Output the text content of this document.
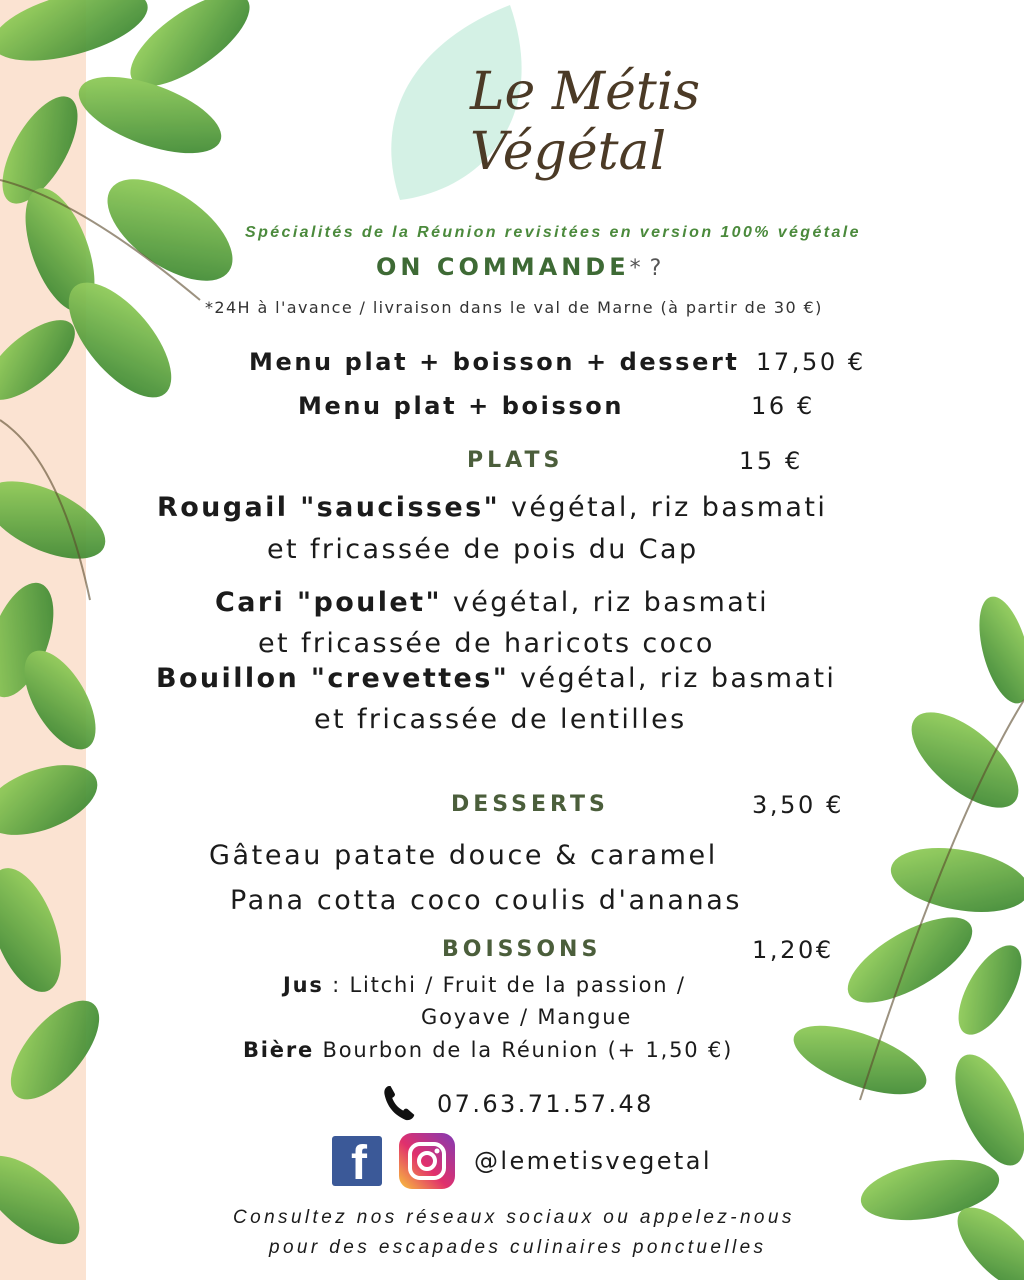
Le Métis
Végétal
Spécialités de la Réunion revisitées en version 100% végétale
ON COMMANDE* ?
*24H à l'avance / livraison dans le val de Marne (à partir de 30 €)
Menu plat + boisson + dessert 17,50 €
Menu plat + boisson	16 €
PLATS	15 €
Rougail "saucisses" végétal, riz basmati
et fricassée de pois du Cap
Cari "poulet" végétal, riz basmati
et fricassée de haricots coco
Bouillon "crevettes" végétal, riz basmati
et fricassée de lentilles
DESSERTS	3,50 €
Gâteau patate douce & caramel
Pana cotta coco coulis d'ananas
BOISSONS	1,20€
Jus : Litchi / Fruit de la passion /
Goyave / Mangue
Bière Bourbon de la Réunion (+ 1,50 €)
07.63.71.57.48
f	@lemetisvegetal
Consultez nos réseaux sociaux ou appelez-nous
pour des escapades culinaires ponctuelles
